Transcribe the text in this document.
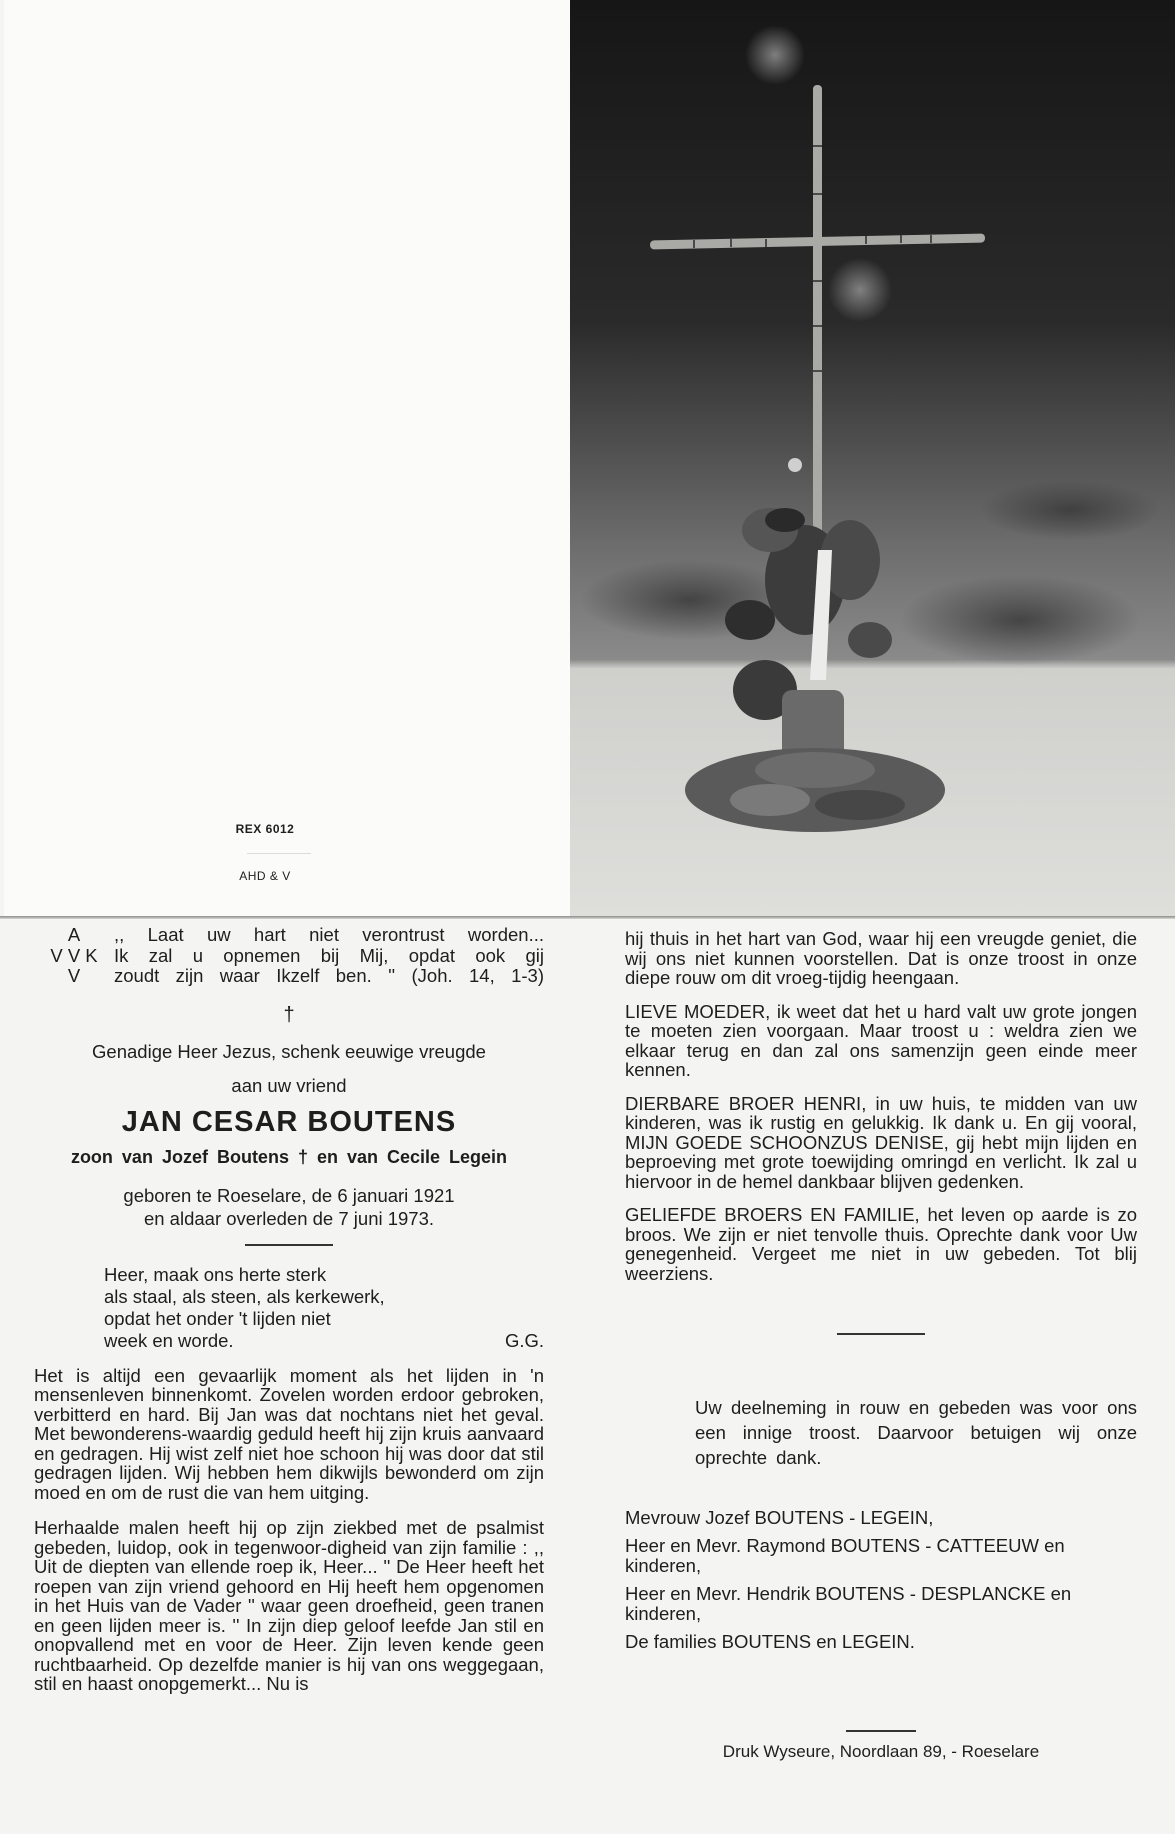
REX 6012
AHD & V
A
V V K
V
,, Laat uw hart niet verontrust worden...
Ik zal u opnemen bij Mij, opdat ook gij
zoudt zijn waar Ikzelf ben. '' (Joh. 14, 1-3)
†
Genadige Heer Jezus, schenk eeuwige vreugde
aan uw vriend
JAN CESAR BOUTENS
zoon van Jozef Boutens † en van Cecile Legein
geboren te Roeselare, de 6 januari 1921
en aldaar overleden de 7 juni 1973.
Heer, maak ons herte sterk
als staal, als steen, als kerkewerk,
opdat het onder 't lijden niet
week en worde.	G.G.
Het is altijd een gevaarlijk moment als het lijden in 'n mensenleven binnenkomt. Zovelen worden erdoor gebroken, verbitterd en hard. Bij Jan was dat nochtans niet het geval. Met bewonderens-waardig geduld heeft hij zijn kruis aanvaard en gedragen. Hij wist zelf niet hoe schoon hij was door dat stil gedragen lijden. Wij hebben hem dikwijls bewonderd om zijn moed en om de rust die van hem uitging.
Herhaalde malen heeft hij op zijn ziekbed met de psalmist gebeden, luidop, ook in tegenwoor-digheid van zijn familie : ,, Uit de diepten van ellende roep ik, Heer... '' De Heer heeft het roepen van zijn vriend gehoord en Hij heeft hem opgenomen in het Huis van de Vader '' waar geen droefheid, geen tranen en geen lijden meer is. '' In zijn diep geloof leefde Jan stil en onopvallend met en voor de Heer. Zijn leven kende geen ruchtbaarheid. Op dezelfde manier is hij van ons weggegaan, stil en haast onopgemerkt... Nu is
hij thuis in het hart van God, waar hij een vreugde geniet, die wij ons niet kunnen voorstellen. Dat is onze troost in onze diepe rouw om dit vroeg-tijdig heengaan.
LIEVE MOEDER, ik weet dat het u hard valt uw grote jongen te moeten zien voorgaan. Maar troost u : weldra zien we elkaar terug en dan zal ons samenzijn geen einde meer kennen.
DIERBARE BROER HENRI, in uw huis, te midden van uw kinderen, was ik rustig en gelukkig. Ik dank u. En gij vooral, MIJN GOEDE SCHOONZUS DENISE, gij hebt mijn lijden en beproeving met grote toewijding omringd en verlicht. Ik zal u hiervoor in de hemel dankbaar blijven gedenken.
GELIEFDE BROERS EN FAMILIE, het leven op aarde is zo broos. We zijn er niet tenvolle thuis. Oprechte dank voor Uw genegenheid. Vergeet me niet in uw gebeden. Tot blij weerziens.
Uw deelneming in rouw en gebeden was voor ons een innige troost. Daarvoor betuigen wij onze oprechte dank.
Mevrouw Jozef BOUTENS - LEGEIN,
Heer en Mevr. Raymond BOUTENS - CATTEEUW en kinderen,
Heer en Mevr. Hendrik BOUTENS - DESPLANCKE en kinderen,
De families BOUTENS en LEGEIN.
Druk Wyseure, Noordlaan 89, - Roeselare
